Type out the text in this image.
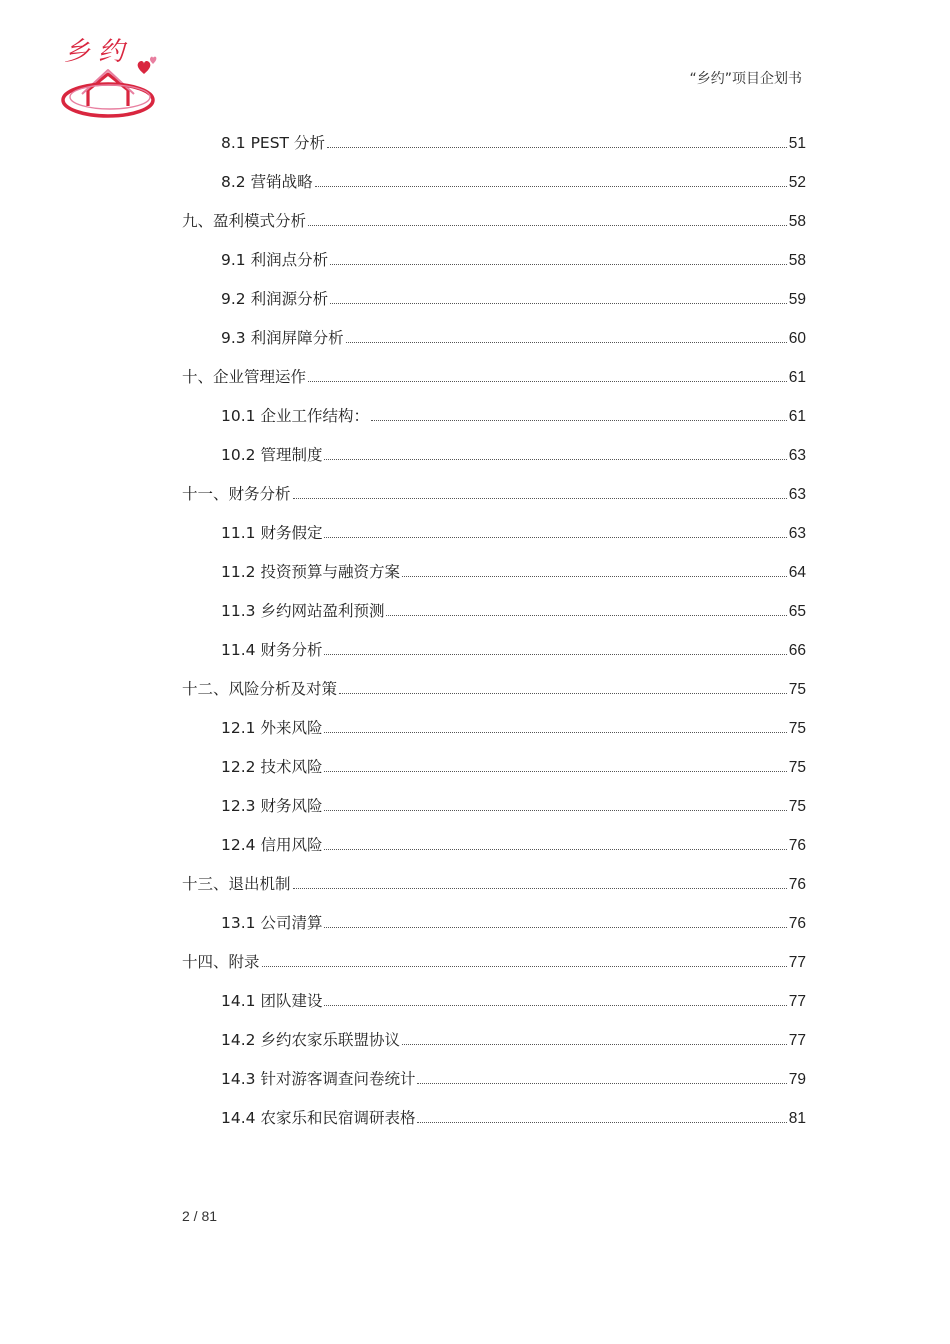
乡 约
“乡约”项目企划书
8.1 PEST 分析	51
8.2 营销战略	52
九、盈利模式分析	58
9.1 利润点分析	58
9.2 利润源分析	59
9.3 利润屏障分析	60
十、企业管理运作	61
10.1 企业工作结构：	61
10.2 管理制度	63
十一、财务分析	63
11.1 财务假定	63
11.2 投资预算与融资方案	64
11.3 乡约网站盈利预测	65
11.4 财务分析	66
十二、风险分析及对策	75
12.1 外来风险	75
12.2 技术风险	75
12.3 财务风险	75
12.4 信用风险	76
十三、退出机制	76
13.1 公司清算	76
十四、附录	77
14.1 团队建设	77
14.2 乡约农家乐联盟协议	77
14.3 针对游客调查问卷统计	79
14.4 农家乐和民宿调研表格	81
2 / 81
